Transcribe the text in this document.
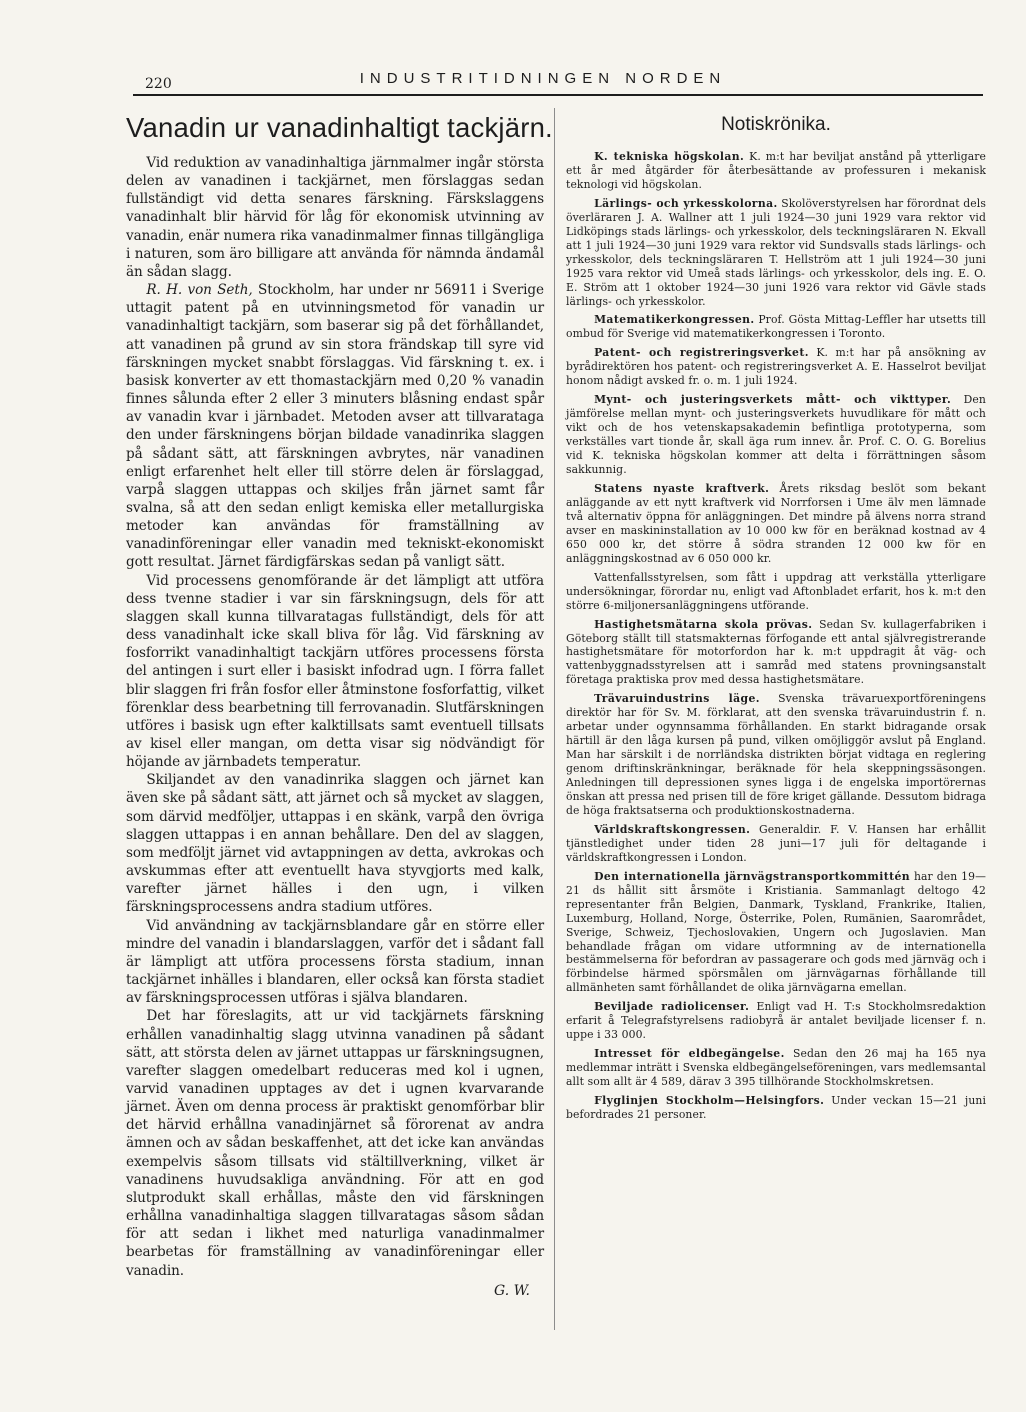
220	INDUSTRITIDNINGEN NORDEN
Vanadin ur vanadinhaltigt tackjärn.

Vid reduktion av vanadinhaltiga järnmalmer ingår största delen av vanadinen i tackjärnet, men förslaggas sedan fullständigt vid detta senares färskning. Färskslaggens vanadinhalt blir härvid för låg för ekonomisk utvinning av vanadin, enär numera rika vanadinmalmer finnas tillgängliga i naturen, som äro billigare att använda för nämnda ändamål än sådan slagg.

R. H. von Seth, Stockholm, har under nr 56911 i Sverige uttagit patent på en utvinningsmetod för vanadin ur vanadinhaltigt tackjärn, som baserar sig på det förhållandet, att vanadinen på grund av sin stora frändskap till syre vid färskningen mycket snabbt förslaggas. Vid färskning t. ex. i basisk konverter av ett thomastackjärn med 0,20 % vanadin finnes sålunda efter 2 eller 3 minuters blåsning endast spår av vanadin kvar i järnbadet. Metoden avser att tillvarataga den under färskningens början bildade vanadinrika slaggen på sådant sätt, att färskningen avbrytes, när vanadinen enligt erfarenhet helt eller till större delen är förslaggad, varpå slaggen uttappas och skiljes från järnet samt får svalna, så att den sedan enligt kemiska eller metallurgiska metoder kan användas för framställning av vanadinföreningar eller vanadin med tekniskt-ekonomiskt gott resultat. Järnet färdigfärskas sedan på vanligt sätt.

Vid processens genomförande är det lämpligt att utföra dess tvenne stadier i var sin färskningsugn, dels för att slaggen skall kunna tillvaratagas fullständigt, dels för att dess vanadinhalt icke skall bliva för låg. Vid färskning av fosforrikt vanadinhaltigt tackjärn utföres processens första del antingen i surt eller i basiskt infodrad ugn. I förra fallet blir slaggen fri från fosfor eller åtminstone fosforfattig, vilket förenklar dess bearbetning till ferrovanadin. Slutfärskningen utföres i basisk ugn efter kalktillsats samt eventuell tillsats av kisel eller mangan, om detta visar sig nödvändigt för höjande av järnbadets temperatur.

Skiljandet av den vanadinrika slaggen och järnet kan även ske på sådant sätt, att järnet och så mycket av slaggen, som därvid medföljer, uttappas i en skänk, varpå den övriga slaggen uttappas i en annan behållare. Den del av slaggen, som medföljt järnet vid avtappningen av detta, avkrokas och avskummas efter att eventuellt hava styvgjorts med kalk, varefter järnet hälles i den ugn, i vilken färskningsprocessens andra stadium utföres.

Vid användning av tackjärnsblandare går en större eller mindre del vanadin i blandarslaggen, varför det i sådant fall är lämpligt att utföra processens första stadium, innan tackjärnet inhälles i blandaren, eller också kan första stadiet av färskningsprocessen utföras i själva blandaren.

Det har föreslagits, att ur vid tackjärnets färskning erhållen vanadinhaltig slagg utvinna vanadinen på sådant sätt, att största delen av järnet uttappas ur färskningsugnen, varefter slaggen omedelbart reduceras med kol i ugnen, varvid vanadinen upptages av det i ugnen kvarvarande järnet. Även om denna process är praktiskt genomförbar blir det härvid erhållna vanadinjärnet så förorenat av andra ämnen och av sådan beskaffenhet, att det icke kan användas exempelvis såsom tillsats vid stältillverkning, vilket är vanadinens huvudsakliga användning. För att en god slutprodukt skall erhållas, måste den vid färskningen erhållna vanadinhaltiga slaggen tillvaratagas såsom sådan för att sedan i likhet med naturliga vanadinmalmer bearbetas för framställning av vanadinföreningar eller vanadin.

G. W.
Notiskrönika.

K. tekniska högskolan. K. m:t har beviljat anstånd på ytterligare ett år med åtgärder för återbesättande av professuren i mekanisk teknologi vid högskolan.

Lärlings- och yrkesskolorna. Skolöverstyrelsen har förordnat dels överläraren J. A. Wallner att 1 juli 1924—30 juni 1929 vara rektor vid Lidköpings stads lärlings- och yrkesskolor, dels teckningsläraren N. Ekvall att 1 juli 1924—30 juni 1929 vara rektor vid Sundsvalls stads lärlings- och yrkesskolor, dels teckningsläraren T. Hellström att 1 juli 1924—30 juni 1925 vara rektor vid Umeå stads lärlings- och yrkesskolor, dels ing. E. O. E. Ström att 1 oktober 1924—30 juni 1926 vara rektor vid Gävle stads lärlings- och yrkesskolor.

Matematikerkongressen. Prof. Gösta Mittag-Leffler har utsetts till ombud för Sverige vid matematikerkongressen i Toronto.

Patent- och registreringsverket. K. m:t har på ansökning av byrådirektören hos patent- och registreringsverket A. E. Hasselrot beviljat honom nådigt avsked fr. o. m. 1 juli 1924.

Mynt- och justeringsverkets mått- och vikttyper. Den jämförelse mellan mynt- och justeringsverkets huvudlikare för mått och vikt och de hos vetenskapsakademin befintliga prototyperna, som verkställes vart tionde år, skall äga rum innev. år. Prof. C. O. G. Borelius vid K. tekniska högskolan kommer att delta i förrättningen såsom sakkunnig.

Statens nyaste kraftverk. Årets riksdag beslöt som bekant anläggande av ett nytt kraftverk vid Norrforsen i Ume älv men lämnade två alternativ öppna för anläggningen. Det mindre på älvens norra strand avser en maskininstallation av 10 000 kw för en beräknad kostnad av 4 650 000 kr, det större å södra stranden 12 000 kw för en anläggningskostnad av 6 050 000 kr.

Vattenfallsstyrelsen, som fått i uppdrag att verkställa ytterligare undersökningar, förordar nu, enligt vad Aftonbladet erfarit, hos k. m:t den större 6-miljonersanläggningens utförande.

Hastighetsmätarna skola prövas. Sedan Sv. kullagerfabriken i Göteborg ställt till statsmakternas förfogande ett antal självregistrerande hastighetsmätare för motorfordon har k. m:t uppdragit åt väg- och vattenbyggnadsstyrelsen att i samråd med statens provningsanstalt företaga praktiska prov med dessa hastighetsmätare.

Trävaruindustrins läge. Svenska trävaruexportföreningens direktör har för Sv. M. förklarat, att den svenska trävaruindustrin f. n. arbetar under ogynnsamma förhållanden. En starkt bidragande orsak härtill är den låga kursen på pund, vilken omöjliggör avslut på England. Man har särskilt i de norrländska distrikten börjat vidtaga en reglering genom driftinskränkningar, beräknade för hela skeppningssäsongen. Anledningen till depressionen synes ligga i de engelska importörernas önskan att pressa ned prisen till de före kriget gällande. Dessutom bidraga de höga fraktsatserna och produktionskostnaderna.

Världskraftskongressen. Generaldir. F. V. Hansen har erhållit tjänstledighet under tiden 28 juni—17 juli för deltagande i världskraftkongressen i London.

Den internationella järnvägstransportkommittén har den 19—21 ds hållit sitt årsmöte i Kristiania. Sammanlagt deltogo 42 representanter från Belgien, Danmark, Tyskland, Frankrike, Italien, Luxemburg, Holland, Norge, Österrike, Polen, Rumänien, Saarområdet, Sverige, Schweiz, Tjechoslovakien, Ungern och Jugoslavien. Man behandlade frågan om vidare utformning av de internationella bestämmelserna för befordran av passagerare och gods med järnväg och i förbindelse härmed spörsmålen om järnvägarnas förhållande till allmänheten samt förhållandet de olika järnvägarna emellan.

Beviljade radiolicenser. Enligt vad H. T:s Stockholmsredaktion erfarit å Telegrafstyrelsens radiobyrå är antalet beviljade licenser f. n. uppe i 33 000.

Intresset för eldbegängelse. Sedan den 26 maj ha 165 nya medlemmar inträtt i Svenska eldbegängelseföreningen, vars medlemsantal allt som allt är 4 589, därav 3 395 tillhörande Stockholmskretsen.

Flyglinjen Stockholm—Helsingfors. Under veckan 15—21 juni befordrades 21 personer.
